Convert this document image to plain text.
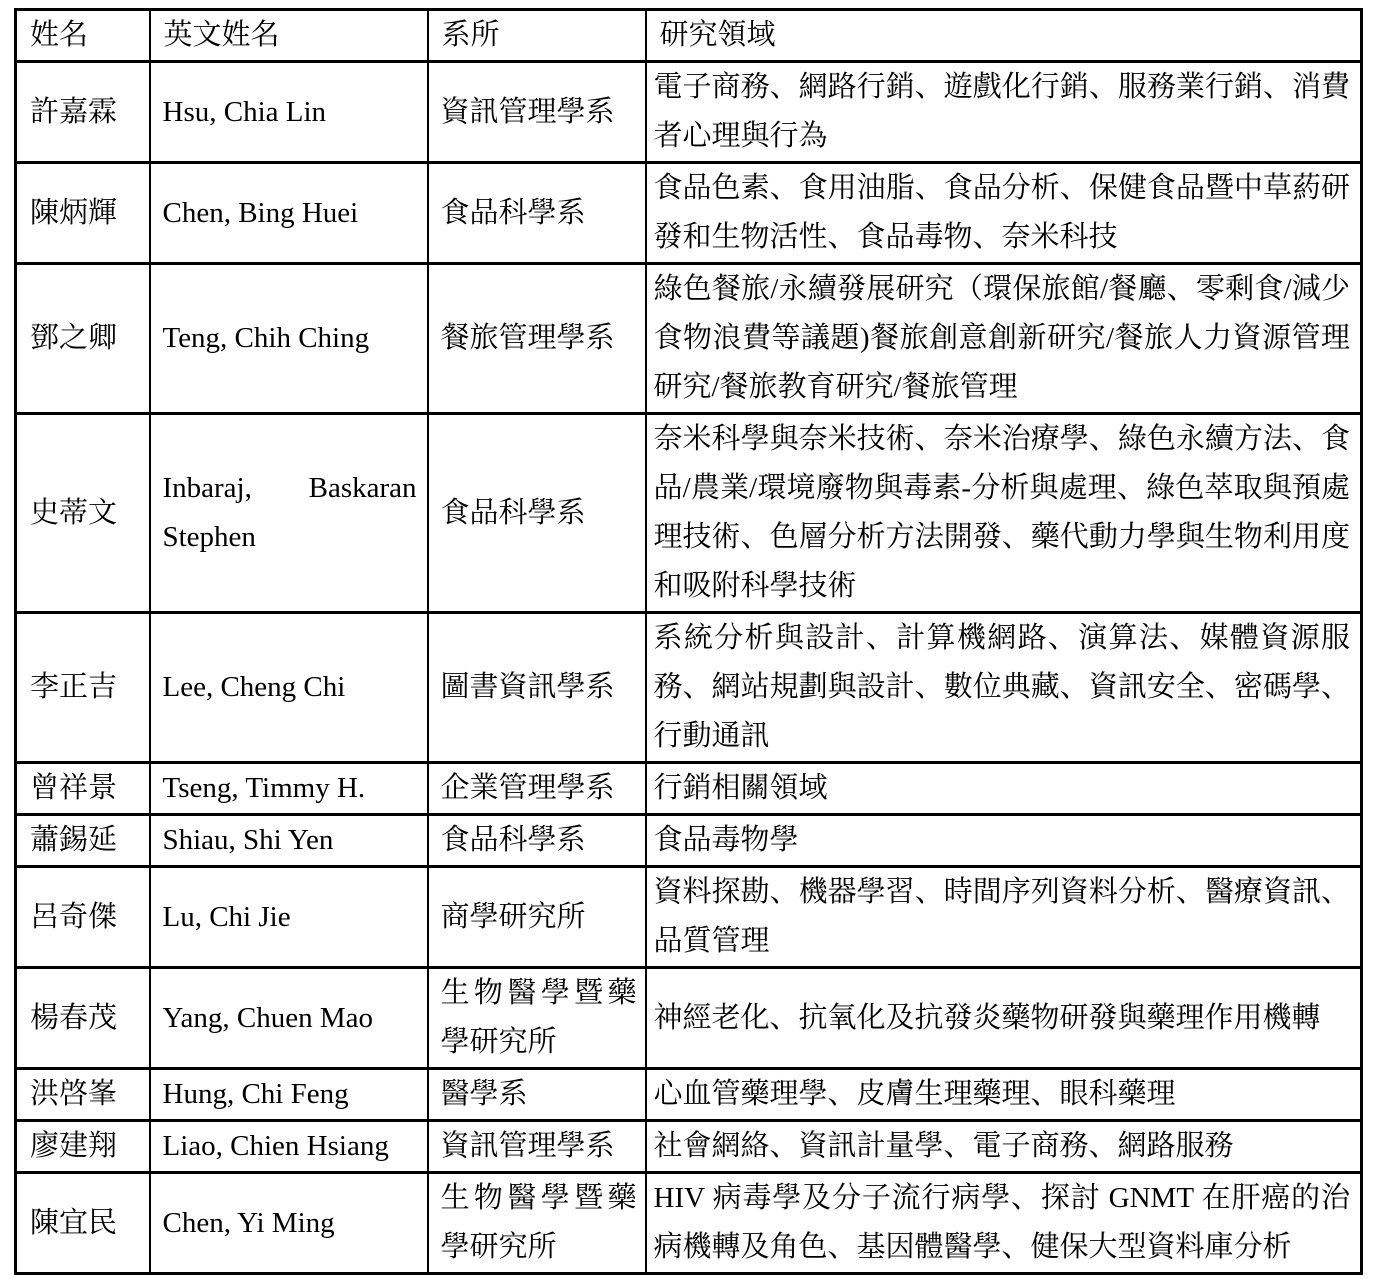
姓名	英文姓名	系所	研究領域
許嘉霖	Hsu, Chia Lin	資訊管理學系	電子商務、網路行銷、遊戲化行銷、服務業行銷、消費者心理與行為
陳炳輝	Chen, Bing Huei	食品科學系	食品色素、食用油脂、食品分析、保健食品暨中草葯研發和生物活性、食品毒物、奈米科技
鄧之卿	Teng, Chih Ching	餐旅管理學系	綠色餐旅/永續發展研究（環保旅館/餐廳、零剩食/減少食物浪費等議題)餐旅創意創新研究/餐旅人力資源管理研究/餐旅教育研究/餐旅管理
史蒂文	Inbaraj, Baskaran Stephen	食品科學系	奈米科學與奈米技術、奈米治療學、綠色永續方法、食品/農業/環境廢物與毒素-分析與處理、綠色萃取與預處理技術、色層分析方法開發、藥代動力學與生物利用度和吸附科學技術
李正吉	Lee, Cheng Chi	圖書資訊學系	系統分析與設計、計算機網路、演算法、媒體資源服務、網站規劃與設計、數位典藏、資訊安全、密碼學、行動通訊
曾祥景	Tseng, Timmy H.	企業管理學系	行銷相關領域
蕭錫延	Shiau, Shi Yen	食品科學系	食品毒物學
呂奇傑	Lu, Chi Jie	商學研究所	資料探勘、機器學習、時間序列資料分析、醫療資訊、品質管理
楊春茂	Yang, Chuen Mao	生物醫學暨藥學研究所	神經老化、抗氧化及抗發炎藥物研發與藥理作用機轉
洪啓峯	Hung, Chi Feng	醫學系	心血管藥理學、皮膚生理藥理、眼科藥理
廖建翔	Liao, Chien Hsiang	資訊管理學系	社會網絡、資訊計量學、電子商務、網路服務
陳宜民	Chen, Yi Ming	生物醫學暨藥學研究所	HIV 病毒學及分子流行病學、探討 GNMT 在肝癌的治病機轉及角色、基因體醫學、健保大型資料庫分析
